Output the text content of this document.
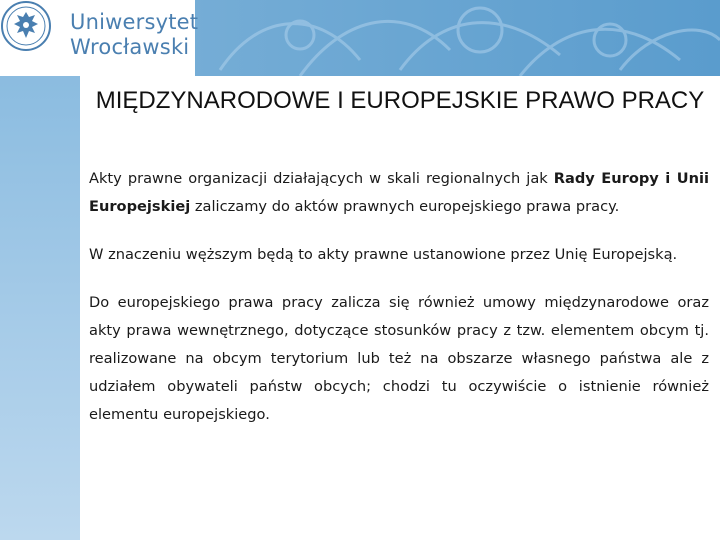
Uniwersytet
Wrocławski
MIĘDZYNARODOWE I EUROPEJSKIE PRAWO PRACY

Akty prawne organizacji działających w skali regionalnych jak Rady Europy i Unii Europejskiej zaliczamy do aktów prawnych europejskiego prawa pracy.

W znaczeniu węższym będą to akty prawne ustanowione przez Unię Europejską.

Do europejskiego prawa pracy zalicza się również umowy międzynarodowe oraz akty prawa wewnętrznego, dotyczące stosunków pracy z tzw. elementem obcym tj. realizowane na obcym terytorium lub też na obszarze własnego państwa ale z udziałem obywateli państw obcych; chodzi tu oczywiście o istnienie również elementu europejskiego.
